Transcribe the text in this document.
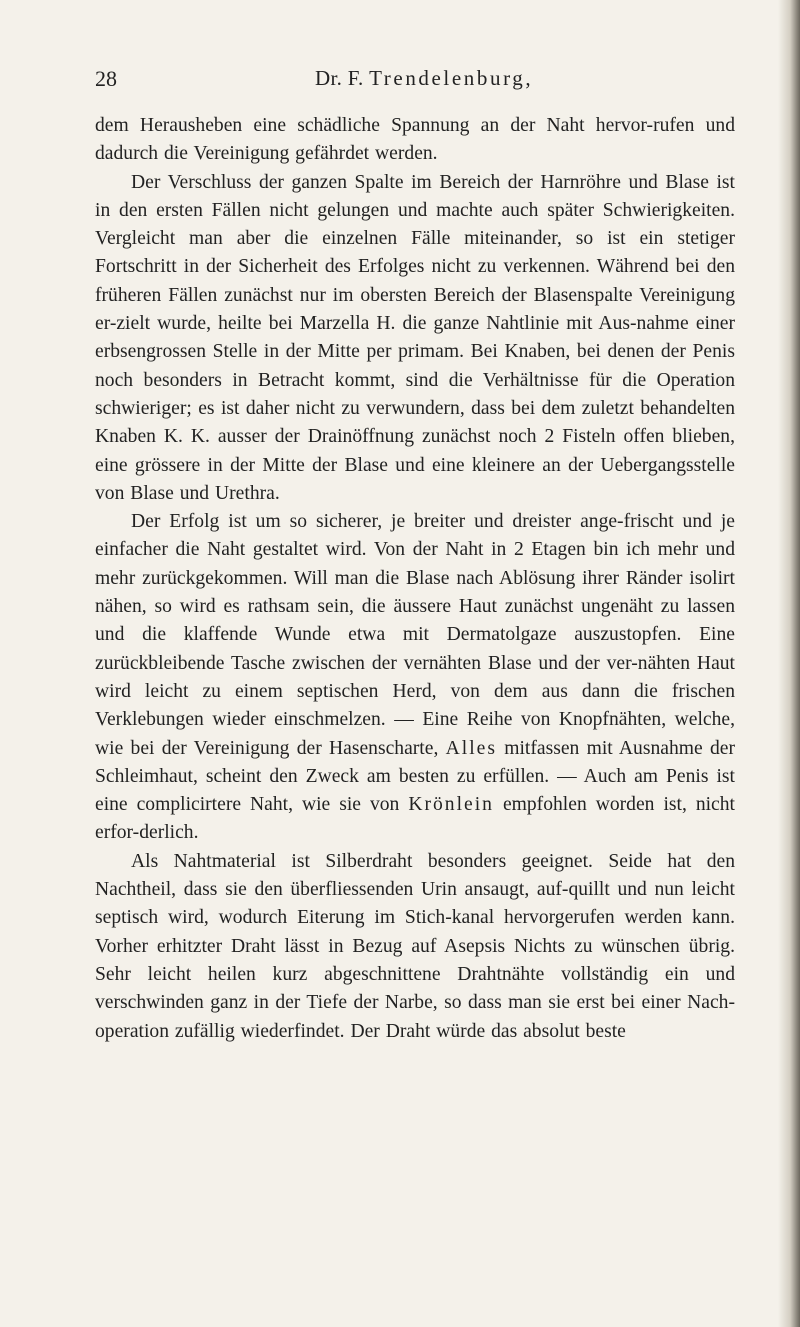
28	Dr. F. Trendelenburg,

dem Herausheben eine schädliche Spannung an der Naht hervor-rufen und dadurch die Vereinigung gefährdet werden.

Der Verschluss der ganzen Spalte im Bereich der Harnröhre und Blase ist in den ersten Fällen nicht gelungen und machte auch später Schwierigkeiten. Vergleicht man aber die einzelnen Fälle miteinander, so ist ein stetiger Fortschritt in der Sicherheit des Erfolges nicht zu verkennen. Während bei den früheren Fällen zunächst nur im obersten Bereich der Blasenspalte Vereinigung er-zielt wurde, heilte bei Marzella H. die ganze Nahtlinie mit Aus-nahme einer erbsengrossen Stelle in der Mitte per primam. Bei Knaben, bei denen der Penis noch besonders in Betracht kommt, sind die Verhältnisse für die Operation schwieriger; es ist daher nicht zu verwundern, dass bei dem zuletzt behandelten Knaben K. K. ausser der Drainöffnung zunächst noch 2 Fisteln offen blieben, eine grössere in der Mitte der Blase und eine kleinere an der Uebergangsstelle von Blase und Urethra.

Der Erfolg ist um so sicherer, je breiter und dreister ange-frischt und je einfacher die Naht gestaltet wird. Von der Naht in 2 Etagen bin ich mehr und mehr zurückgekommen. Will man die Blase nach Ablösung ihrer Ränder isolirt nähen, so wird es rathsam sein, die äussere Haut zunächst ungenäht zu lassen und die klaffende Wunde etwa mit Dermatolgaze auszustopfen. Eine zurückbleibende Tasche zwischen der vernähten Blase und der ver-nähten Haut wird leicht zu einem septischen Herd, von dem aus dann die frischen Verklebungen wieder einschmelzen. — Eine Reihe von Knopfnähten, welche, wie bei der Vereinigung der Hasenscharte, Alles mitfassen mit Ausnahme der Schleimhaut, scheint den Zweck am besten zu erfüllen. — Auch am Penis ist eine complicirtere Naht, wie sie von Krönlein empfohlen worden ist, nicht erfor-derlich.

Als Nahtmaterial ist Silberdraht besonders geeignet. Seide hat den Nachtheil, dass sie den überfliessenden Urin ansaugt, auf-quillt und nun leicht septisch wird, wodurch Eiterung im Stich-kanal hervorgerufen werden kann. Vorher erhitzter Draht lässt in Bezug auf Asepsis Nichts zu wünschen übrig. Sehr leicht heilen kurz abgeschnittene Drahtnähte vollständig ein und verschwinden ganz in der Tiefe der Narbe, so dass man sie erst bei einer Nach-operation zufällig wiederfindet. Der Draht würde das absolut beste
